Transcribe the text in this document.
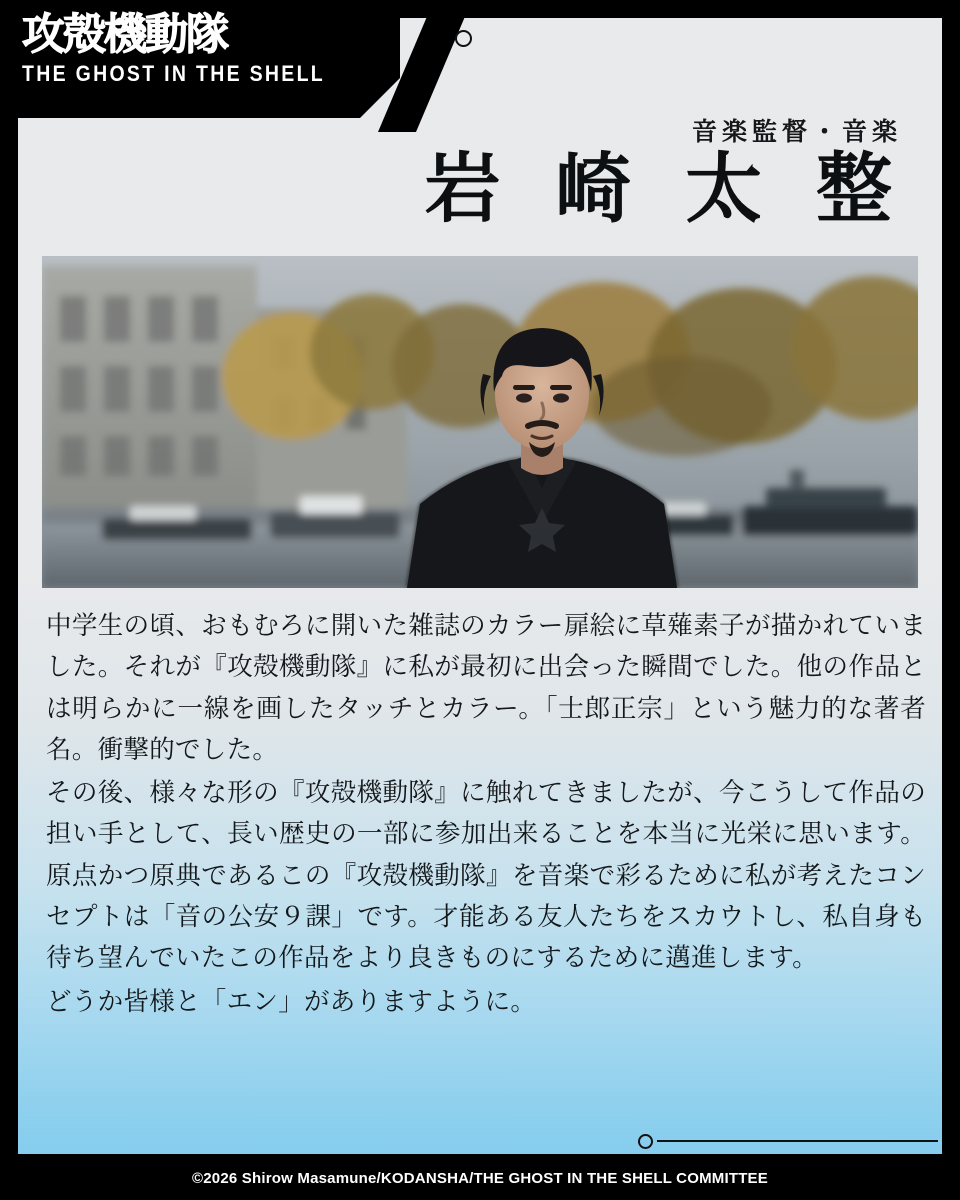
音楽監督・音楽
岩 崎 太 整

中学生の頃、おもむろに開いた雑誌のカラー扉絵に草薙素子が描かれていました。それが『攻殻機動隊』に私が最初に出会った瞬間でした。他の作品とは明らかに一線を画したタッチとカラー。「士郎正宗」という魅力的な著者名。衝撃的でした。

その後、様々な形の『攻殻機動隊』に触れてきましたが、今こうして作品の担い手として、長い歴史の一部に参加出来ることを本当に光栄に思います。原点かつ原典であるこの『攻殻機動隊』を音楽で彩るために私が考えたコンセプトは「音の公安９課」です。才能ある友人たちをスカウトし、私自身も待ち望んでいたこの作品をより良きものにするために邁進します。

どうか皆様と「エン」がありますように。

攻殻機動隊
THE GHOST IN THE SHELL
©2026 Shirow Masamune/KODANSHA/THE GHOST IN THE SHELL COMMITTEE
